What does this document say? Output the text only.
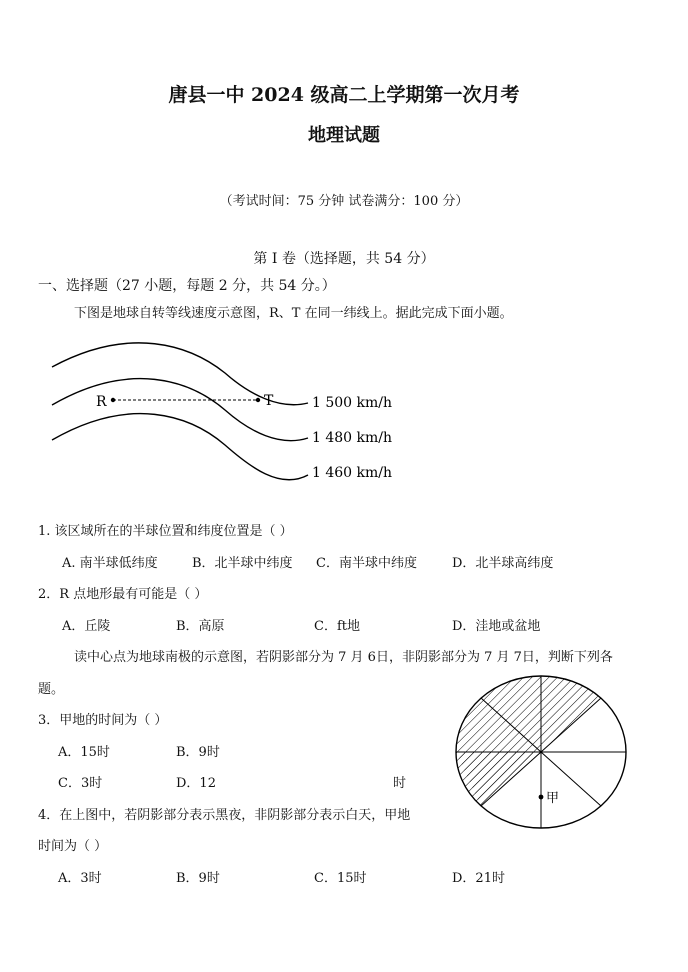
唐县一中 2024 级高二上学期第一次月考
地理试题
（考试时间：75 分钟 试卷满分：100 分）
第 I 卷（选择题，共 54 分）
一、选择题（27 小题，每题 2 分，共 54 分。）
下图是地球自转等线速度示意图，R、T 在同一纬线上。据此完成下面小题。
R	T	1 500 km/h
1 480 km/h
1 460 km/h
1. 该区域所在的半球位置和纬度位置是（ ）
A. 南半球低纬度	B．北半球中纬度 C．南半球中纬度	D．北半球高纬度
2．R 点地形最有可能是（ ）
A．丘陵	B．高原	C．ft地	D．洼地或盆地
读中心点为地球南极的示意图，若阴影部分为 7 月 6日，非阴影部分为 7 月 7日，判断下列各
题。
3．甲地的时间为（ ）
A．15时	B．9时
C．3时	D．12	时
4．在上图中，若阴影部分表示黑夜，非阴影部分表示白天，甲地
时间为（ ）
A．3时	B．9时	C．15时	D．21时
甲
